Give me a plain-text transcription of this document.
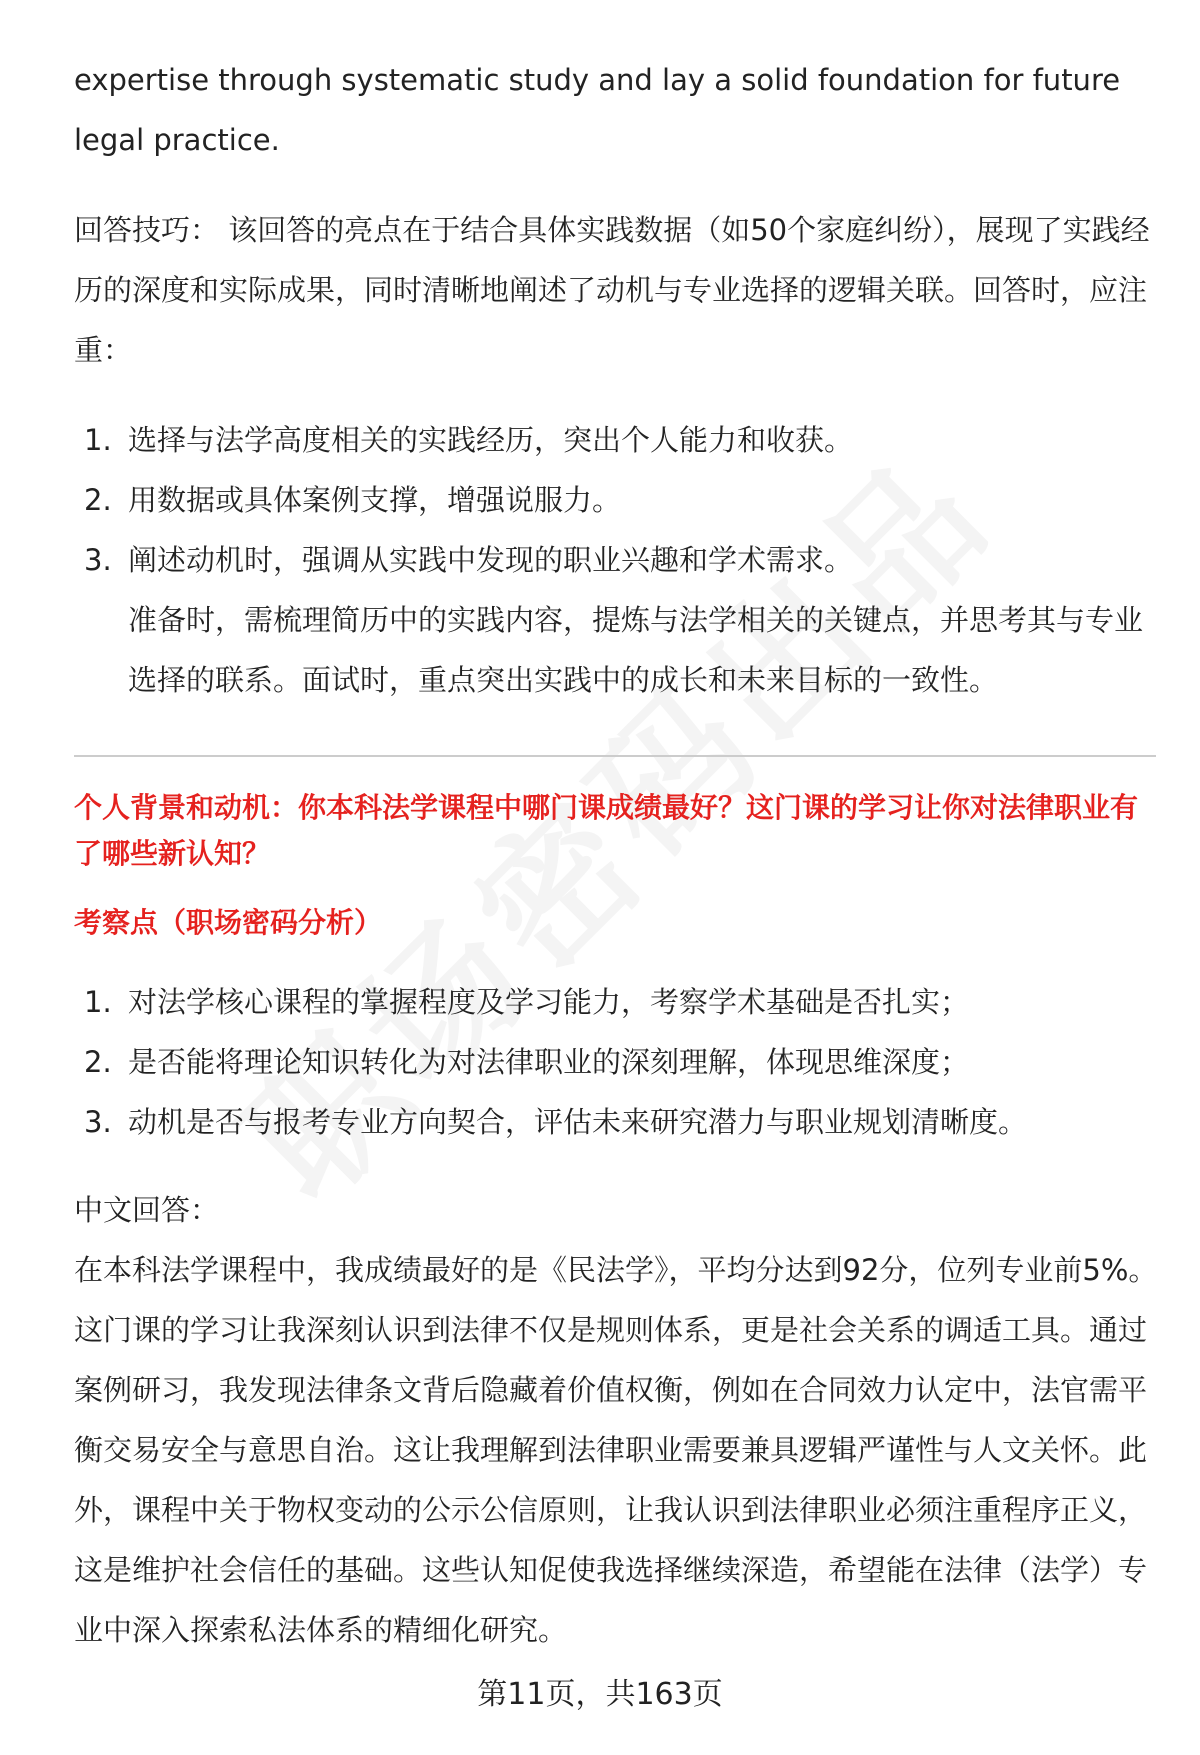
expertise through systematic study and lay a solid foundation for future legal practice.

回答技巧： 该回答的亮点在于结合具体实践数据（如50个家庭纠纷），展现了实践经历的深度和实际成果，同时清晰地阐述了动机与专业选择的逻辑关联。回答时，应注重：

1. 选择与法学高度相关的实践经历，突出个人能力和收获。
2. 用数据或具体案例支撑，增强说服力。
3. 阐述动机时，强调从实践中发现的职业兴趣和学术需求。
准备时，需梳理简历中的实践内容，提炼与法学相关的关键点，并思考其与专业选择的联系。面试时，重点突出实践中的成长和未来目标的一致性。
个人背景和动机：你本科法学课程中哪门课成绩最好？这门课的学习让你对法律职业有了哪些新认知？
考察点（职场密码分析）
1. 对法学核心课程的掌握程度及学习能力，考察学术基础是否扎实；
2. 是否能将理论知识转化为对法律职业的深刻理解，体现思维深度；
3. 动机是否与报考专业方向契合，评估未来研究潜力与职业规划清晰度。

中文回答：

在本科法学课程中，我成绩最好的是《民法学》，平均分达到92分，位列专业前5%。这门课的学习让我深刻认识到法律不仅是规则体系，更是社会关系的调适工具。通过案例研习，我发现法律条文背后隐藏着价值权衡，例如在合同效力认定中，法官需平衡交易安全与意思自治。这让我理解到法律职业需要兼具逻辑严谨性与人文关怀。此外，课程中关于物权变动的公示公信原则，让我认识到法律职业必须注重程序正义，这是维护社会信任的基础。这些认知促使我选择继续深造，希望能在法律（法学）专业中深入探索私法体系的精细化研究。

第11页，共163页
